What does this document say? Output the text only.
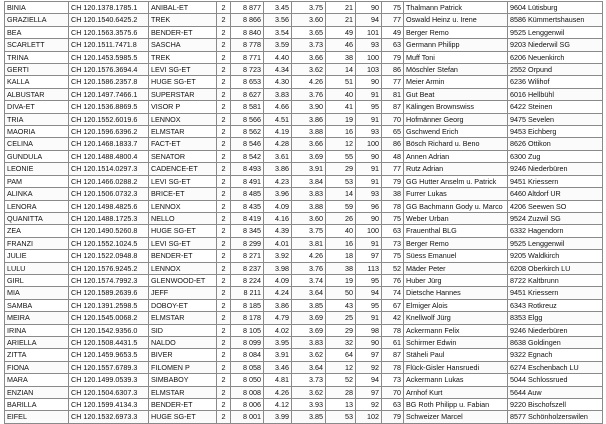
BINIA	CH 120.1378.1785.1	ANIBAL-ET	2	8 877	3.45	3.75	21	90	75	Thalmann Patrick	9604 Lütisburg
GRAZIELLA	CH 120.1540.6425.2	TREK	2	8 866	3.56	3.60	21	94	77	Oswald Heinz u. Irene	8586 Kümmertshausen
BEA	CH 120.1563.3575.6	BENDER-ET	2	8 840	3.54	3.65	49	101	49	Berger Remo	9525 Lenggenwil
SCARLETT	CH 120.1511.7471.8	SASCHA	2	8 778	3.59	3.73	46	93	63	Germann Philipp	9203 Niederwil SG
TRINA	CH 120.1453.5985.5	TREK	2	8 771	4.40	3.66	38	100	79	Muff Toni	6206 Neuenkirch
GERTI	CH 120.1576.3694.4	LEVI SG-ET	2	8 723	4.34	3.62	14	103	86	Möschler Stefan	2552 Orpund
KALLA	CH 120.1586.2357.8	HUGE SG-ET	2	8 653	4.30	4.26	51	90	77	Meier Armin	6236 Wilihof
ALBUSTAR	CH 120.1497.7466.1	SUPERSTAR	2	8 627	3.83	3.76	40	91	81	Gut Beat	6016 Hellbühl
DIVA-ET	CH 120.1536.8869.5	VISOR P	2	8 581	4.66	3.90	41	95	87	Kälingen Brownswiss	6422 Steinen
TRIA	CH 120.1552.6019.6	LENNOX	2	8 566	4.51	3.86	19	91	70	Hofmänner Georg	9475 Sevelen
MAORIA	CH 120.1596.6396.2	ELMSTAR	2	8 562	4.19	3.88	16	93	65	Gschwend Erich	9453 Eichberg
CELINA	CH 120.1468.1833.7	FACT-ET	2	8 546	4.28	3.66	12	100	86	Bösch Richard u. Beno	8626 Ottikon
GUNDULA	CH 120.1488.4800.4	SENATOR	2	8 542	3.61	3.69	55	90	48	Annen Adrian	6300 Zug
LEONIE	CH 120.1514.0297.3	CADENCE-ET	2	8 493	3.86	3.91	29	91	77	Rutz Adrian	9246 Niederbüren
PAM	CH 120.1466.0288.2	LEVI SG-ET	2	8 491	4.23	3.84	53	91	79	GG Hutter Anselm u. Patrick	9451 Kriessern
ALINKA	CH 120.1506.0732.3	BRICE-ET	2	8 485	3.96	3.83	14	93	38	Furrer Lukas	6460 Altdorf UR
LENORA	CH 120.1498.4825.6	LENNOX	2	8 435	4.09	3.88	59	96	78	GG Bachmann Gody u. Marco	4206 Seewen SO
QUANITTA	CH 120.1488.1725.3	NELLO	2	8 419	4.16	3.60	26	90	75	Weber Urban	9524 Zuzwil SG
ZEA	CH 120.1490.5260.8	HUGE SG-ET	2	8 345	4.39	3.75	40	100	63	Frauenthal BLG	6332 Hagendorn
FRANZI	CH 120.1552.1024.5	LEVI SG-ET	2	8 299	4.01	3.81	16	91	73	Berger Remo	9525 Lenggenwil
JULIE	CH 120.1522.0948.8	BENDER-ET	2	8 271	3.92	4.26	18	97	75	Süess Emanuel	9205 Waldkirch
LULU	CH 120.1576.9245.2	LENNOX	2	8 237	3.98	3.76	38	113	52	Mäder Peter	6208 Oberkirch LU
GIRL	CH 120.1574.7992.3	GLENWOOD-ET	2	8 224	4.09	3.74	19	95	76	Huber Jürg	8722 Kaltbrunn
MIA	CH 120.1589.2639.6	JEFF	2	8 211	4.24	3.64	50	94	74	Dietsche Hannes	9451 Kriessern
SAMBA	CH 120.1391.2598.5	DOBOY-ET	2	8 185	3.86	3.85	43	95	67	Elmiger Alois	6343 Rotkreuz
MEIRA	CH 120.1545.0068.2	ELMSTAR	2	8 178	4.79	3.69	25	91	42	Knellwolf Jürg	8353 Elgg
IRINA	CH 120.1542.9356.0	SID	2	8 105	4.02	3.69	29	98	78	Ackermann Felix	9246 Niederbüren
ARIELLA	CH 120.1508.4431.5	NALDO	2	8 099	3.95	3.83	32	90	61	Schirmer Edwin	8638 Goldingen
ZITTA	CH 120.1459.9653.5	BIVER	2	8 084	3.91	3.62	64	97	87	Stäheli Paul	9322 Egnach
FIONA	CH 120.1557.6789.3	FILOMEN P	2	8 058	3.46	3.64	12	92	78	Flück-Gisler Hansruedi	6274 Eschenbach LU
MARA	CH 120.1499.0539.3	SIMBABOY	2	8 050	4.81	3.73	52	94	73	Ackermann Lukas	5044 Schlossrued
ENZIAN	CH 120.1504.6307.3	ELMSTAR	2	8 008	4.26	3.62	28	97	70	Arnhof Kurt	5644 Auw
BARILLA	CH 120.1599.4134.3	BENDER-ET	2	8 006	4.12	3.93	13	92	63	BG Roth Philipp u. Fabian	9220 Bischofszell
EIFEL	CH 120.1532.6973.3	HUGE SG-ET	2	8 001	3.99	3.85	53	102	79	Schweizer Marcel	8577 Schönholzerswilen
